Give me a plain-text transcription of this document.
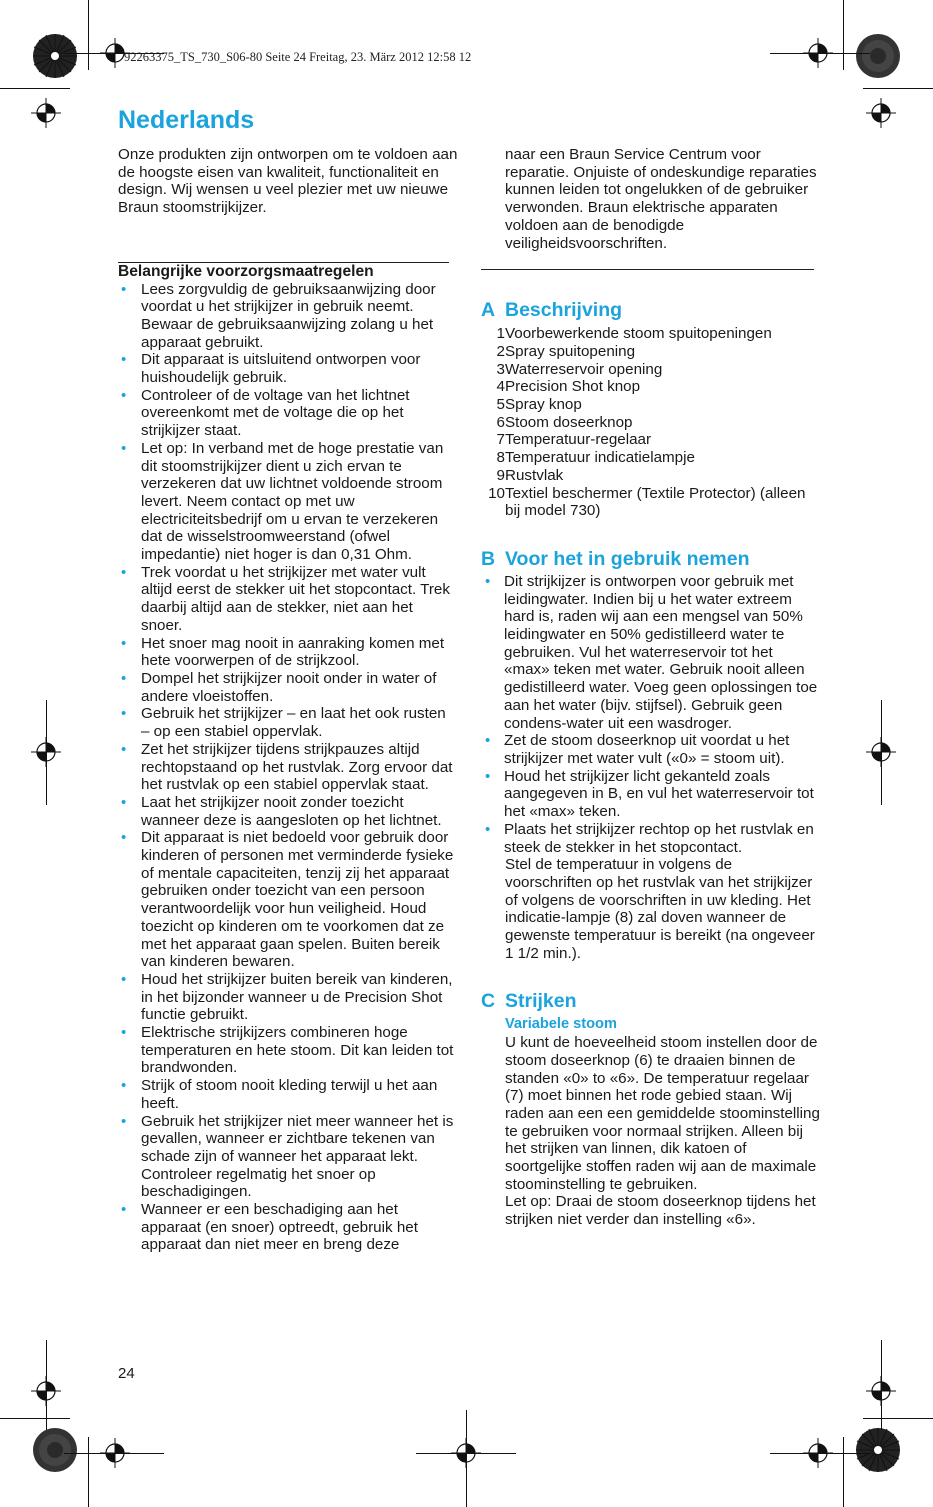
92263375_TS_730_S06-80 Seite 24 Freitag, 23. März 2012 12:58 12
Nederlands

Onze produkten zijn ontworpen om te voldoen aan de hoogste eisen van kwaliteit, functionaliteit en design. Wij wensen u veel plezier met uw nieuwe Braun stoomstrijkijzer.

Belangrijke voorzorgsmaatregelen

• Lees zorgvuldig de gebruiksaanwijzing door voordat u het strijkijzer in gebruik neemt. Bewaar de gebruiksaanwijzing zolang u het apparaat gebruikt.
• Dit apparaat is uitsluitend ontworpen voor huishoudelijk gebruik.
• Controleer of de voltage van het lichtnet overeenkomt met de voltage die op het strijkijzer staat.
• Let op: In verband met de hoge prestatie van dit stoomstrijkijzer dient u zich ervan te verzekeren dat uw lichtnet voldoende stroom levert. Neem contact op met uw electriciteitsbedrijf om u ervan te verzekeren dat de wisselstroomweerstand (ofwel impedantie) niet hoger is dan 0,31 Ohm.
• Trek voordat u het strijkijzer met water vult altijd eerst de stekker uit het stopcontact. Trek daarbij altijd aan de stekker, niet aan het snoer.
• Het snoer mag nooit in aanraking komen met hete voorwerpen of de strijkzool.
• Dompel het strijkijzer nooit onder in water of andere vloeistoffen.
• Gebruik het strijkijzer – en laat het ook rusten – op een stabiel oppervlak.
• Zet het strijkijzer tijdens strijkpauzes altijd rechtopstaand op het rustvlak. Zorg ervoor dat het rustvlak op een stabiel oppervlak staat.
• Laat het strijkijzer nooit zonder toezicht wanneer deze is aangesloten op het lichtnet.
• Dit apparaat is niet bedoeld voor gebruik door kinderen of personen met verminderde fysieke of mentale capaciteiten, tenzij zij het apparaat gebruiken onder toezicht van een persoon verantwoordelijk voor hun veiligheid. Houd toezicht op kinderen om te voorkomen dat ze met het apparaat gaan spelen. Buiten bereik van kinderen bewaren.
• Houd het strijkijzer buiten bereik van kinderen, in het bijzonder wanneer u de Precision Shot functie gebruikt.
• Elektrische strijkijzers combineren hoge temperaturen en hete stoom. Dit kan leiden tot brandwonden.
• Strijk of stoom nooit kleding terwijl u het aan heeft.
• Gebruik het strijkijzer niet meer wanneer het is gevallen, wanneer er zichtbare tekenen van schade zijn of wanneer het apparaat lekt. Controleer regelmatig het snoer op beschadigingen.
• Wanneer er een beschadiging aan het apparaat (en snoer) optreedt, gebruik het apparaat dan niet meer en breng deze

naar een Braun Service Centrum voor reparatie. Onjuiste of ondeskundige reparaties kunnen leiden tot ongelukken of de gebruiker verwonden. Braun elektrische apparaten voldoen aan de benodigde veiligheidsvoorschriften.

A Beschrijving
1 Voorbewerkende stoom spuitopeningen
2 Spray spuitopening
3 Waterreservoir opening
4 Precision Shot knop
5 Spray knop
6 Stoom doseerknop
7 Temperatuur-regelaar
8 Temperatuur indicatielampje
9 Rustvlak
10 Textiel beschermer (Textile Protector) (alleen bij model 730)
B Voor het in gebruik nemen
• Dit strijkijzer is ontworpen voor gebruik met leidingwater. Indien bij u het water extreem hard is, raden wij aan een mengsel van 50% leidingwater en 50% gedistilleerd water te gebruiken. Vul het waterreservoir tot het «max» teken met water. Gebruik nooit alleen gedistilleerd water. Voeg geen oplossingen toe aan het water (bijv. stijfsel). Gebruik geen condens-water uit een wasdroger.
• Zet de stoom doseerknop uit voordat u het strijkijzer met water vult («0» = stoom uit).
• Houd het strijkijzer licht gekanteld zoals aangegeven in B, en vul het waterreservoir tot het «max» teken.
• Plaats het strijkijzer rechtop op het rustvlak en steek de stekker in het stopcontact.

Stel de temperatuur in volgens de voorschriften op het rustvlak van het strijkijzer of volgens de voorschriften in uw kleding. Het indicatie-lampje (8) zal doven wanneer de gewenste temperatuur is bereikt (na ongeveer 1 1/2 min.).

C Strijken
Variabele stoom

U kunt de hoeveelheid stoom instellen door de stoom doseerknop (6) te draaien binnen de standen «0» to «6». De temperatuur regelaar (7) moet binnen het rode gebied staan. Wij raden aan een een gemiddelde stoominstelling te gebruiken voor normaal strijken. Alleen bij het strijken van linnen, dik katoen of soortgelijke stoffen raden wij aan de maximale stoominstelling te gebruiken.

Let op: Draai de stoom doseerknop tijdens het strijken niet verder dan instelling «6».

24
